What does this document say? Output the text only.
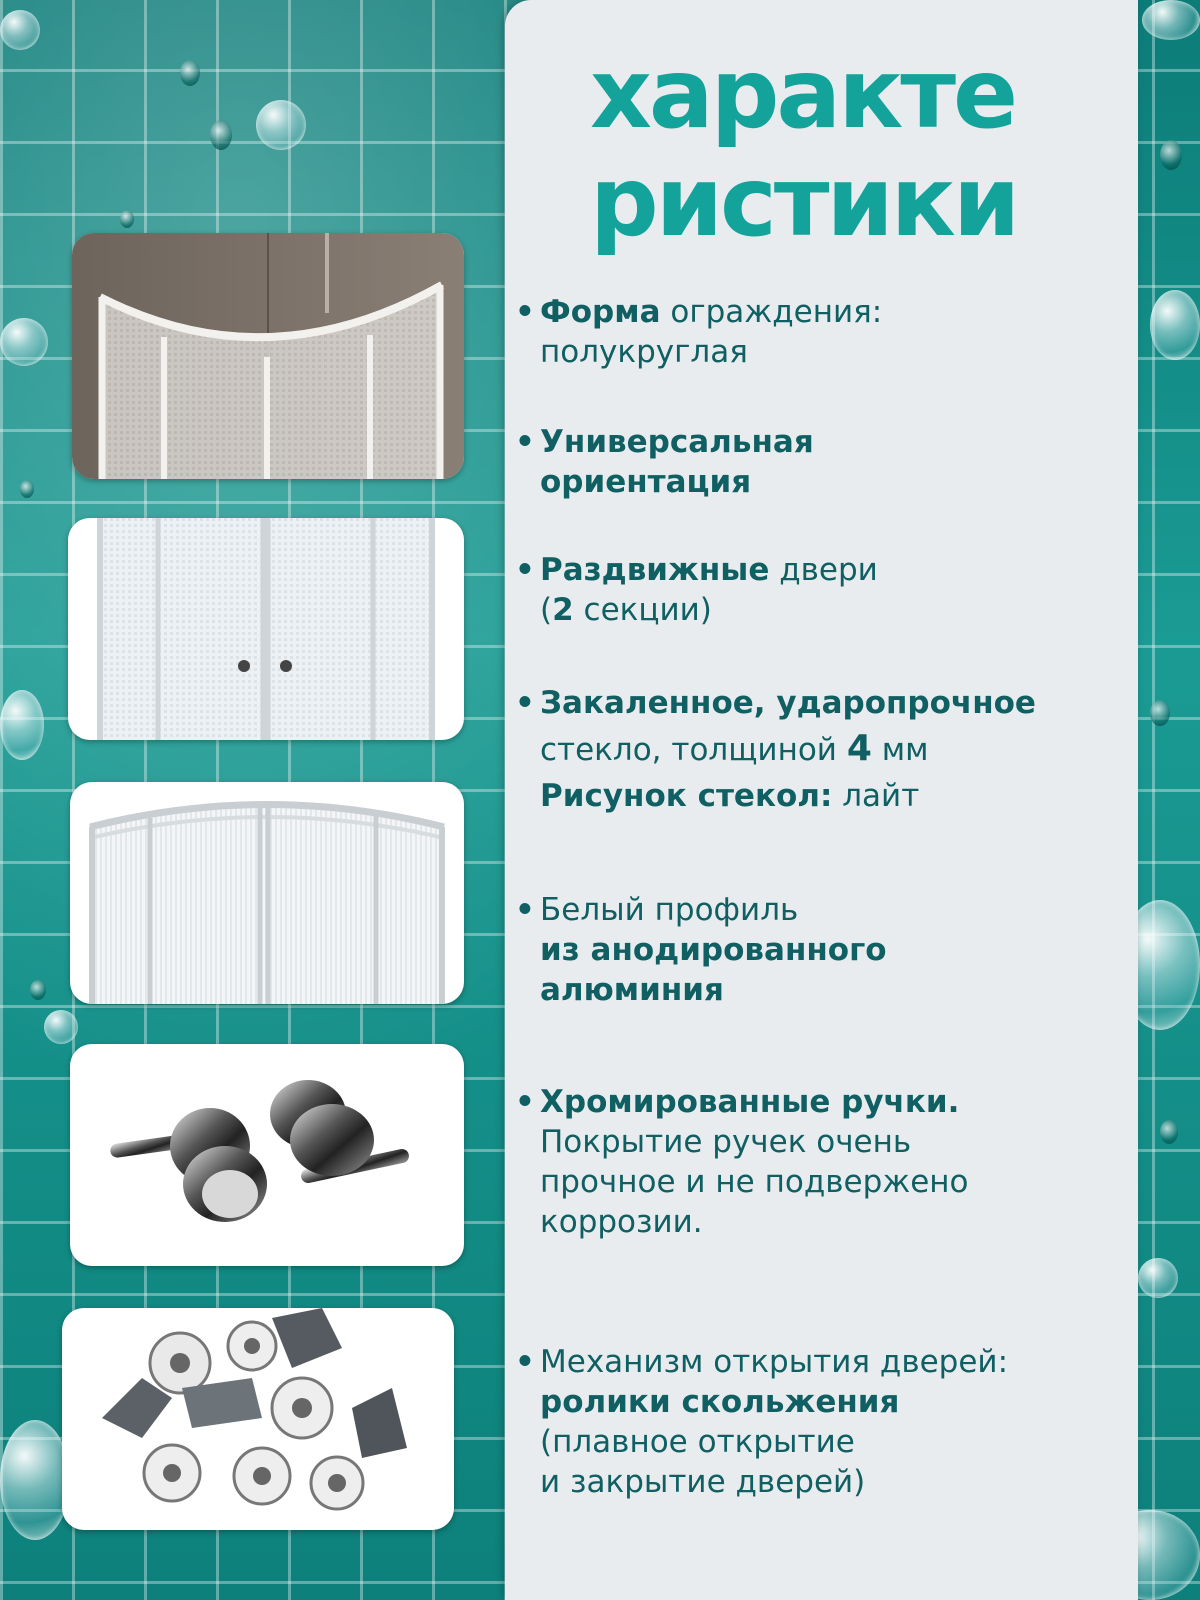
характе
ристики
• Форма ограждения:
полукруглая
• Универсальная
ориентация
• Раздвижные двери
(2 секции)
• Закаленное, ударопрочное
стекло, толщиной 4 мм
Рисунок стекол: лайт
• Белый профиль
из анодированного
алюминия
• Хромированные ручки.
Покрытие ручек очень
прочное и не подвержено
коррозии.
• Механизм открытия дверей:
ролики скольжения
(плавное открытие
и закрытие дверей)
